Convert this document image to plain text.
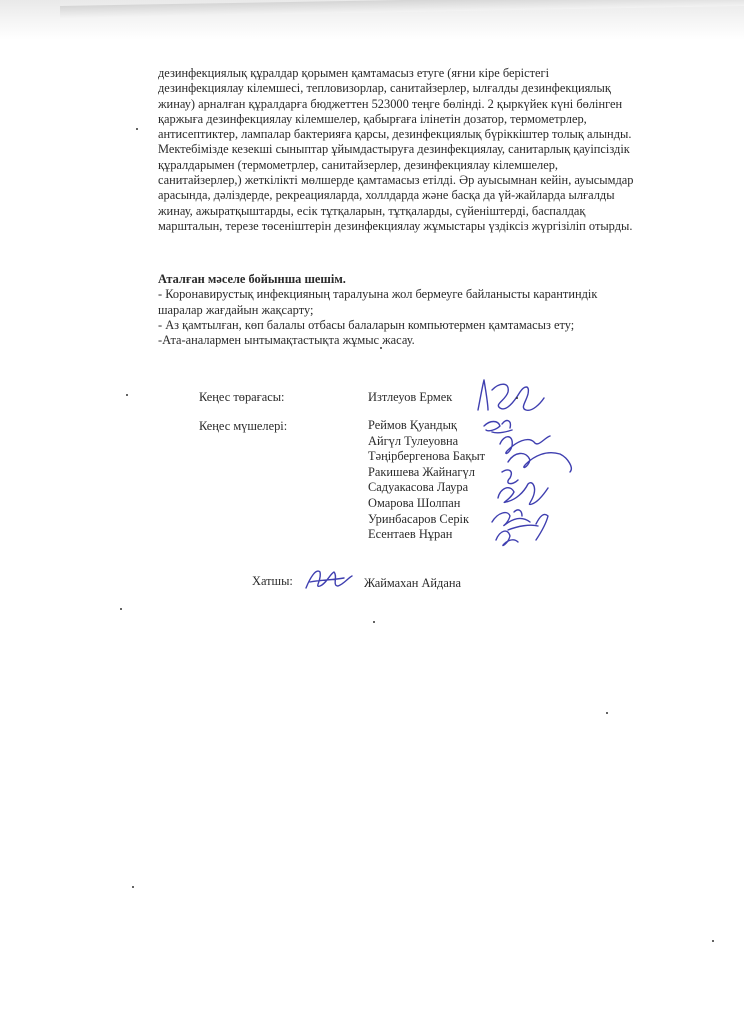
дезинфекциялық құралдар қорымен қамтамасыз етуге (яғни кіре берістегі

дезинфекциялау кілемшесі, тепловизорлар, санитайзерлер, ылғалды дезинфекциялық

жинау) арналған құралдарға бюджеттен 523000 теңге бөлінді. 2 қыркүйек күні бөлінген

қаржыға дезинфекциялау кілемшелер, қабырғаға ілінетін дозатор, термометрлер,

антисептиктер, лампалар бактерияға қарсы, дезинфекциялық бүріккіштер толық алынды.

Мектебімізде кезекші сыныптар ұйымдастыруға дезинфекциялау, санитарлық қауіпсіздік

құралдарымен (термометрлер, санитайзерлер, дезинфекциялау кілемшелер,

санитайзерлер,) жеткілікті мөлшерде қамтамасыз етілді. Әр ауысымнан кейін, ауысымдар

арасында, дәліздерде, рекреацияларда, холлдарда және басқа да үй-жайларда ылғалды

жинау, ажыратқыштарды, есік тұтқаларын, тұтқаларды, сүйеніштерді, баспалдақ

маршталын, терезе төсеніштерін дезинфекциялау жұмыстары үздіксіз жүргізіліп отырды.

Аталған мәселе бойынша шешім.
- Коронавирустық инфекцияның таралуына жол бермеуге байланысты карантиндік
шаралар жағдайын жақсарту;
- Аз қамтылған, көп балалы отбасы балаларын компьютермен қамтамасыз ету;
-Ата-аналармен ынтымақтастықта жұмыс жасау.
Кеңес төрағасы:	Изтлеуов Ермек
Кеңес мүшелері:	Реймов Қуандық
Айгүл Тулеуовна
Тәңірбергенова Бақыт
Ракишева Жайнагүл
Садуакасова Лаура
Омарова Шолпан
Уринбасаров Серік
Есентаев Нұран
Хатшы:	Жаймахан Айдана
